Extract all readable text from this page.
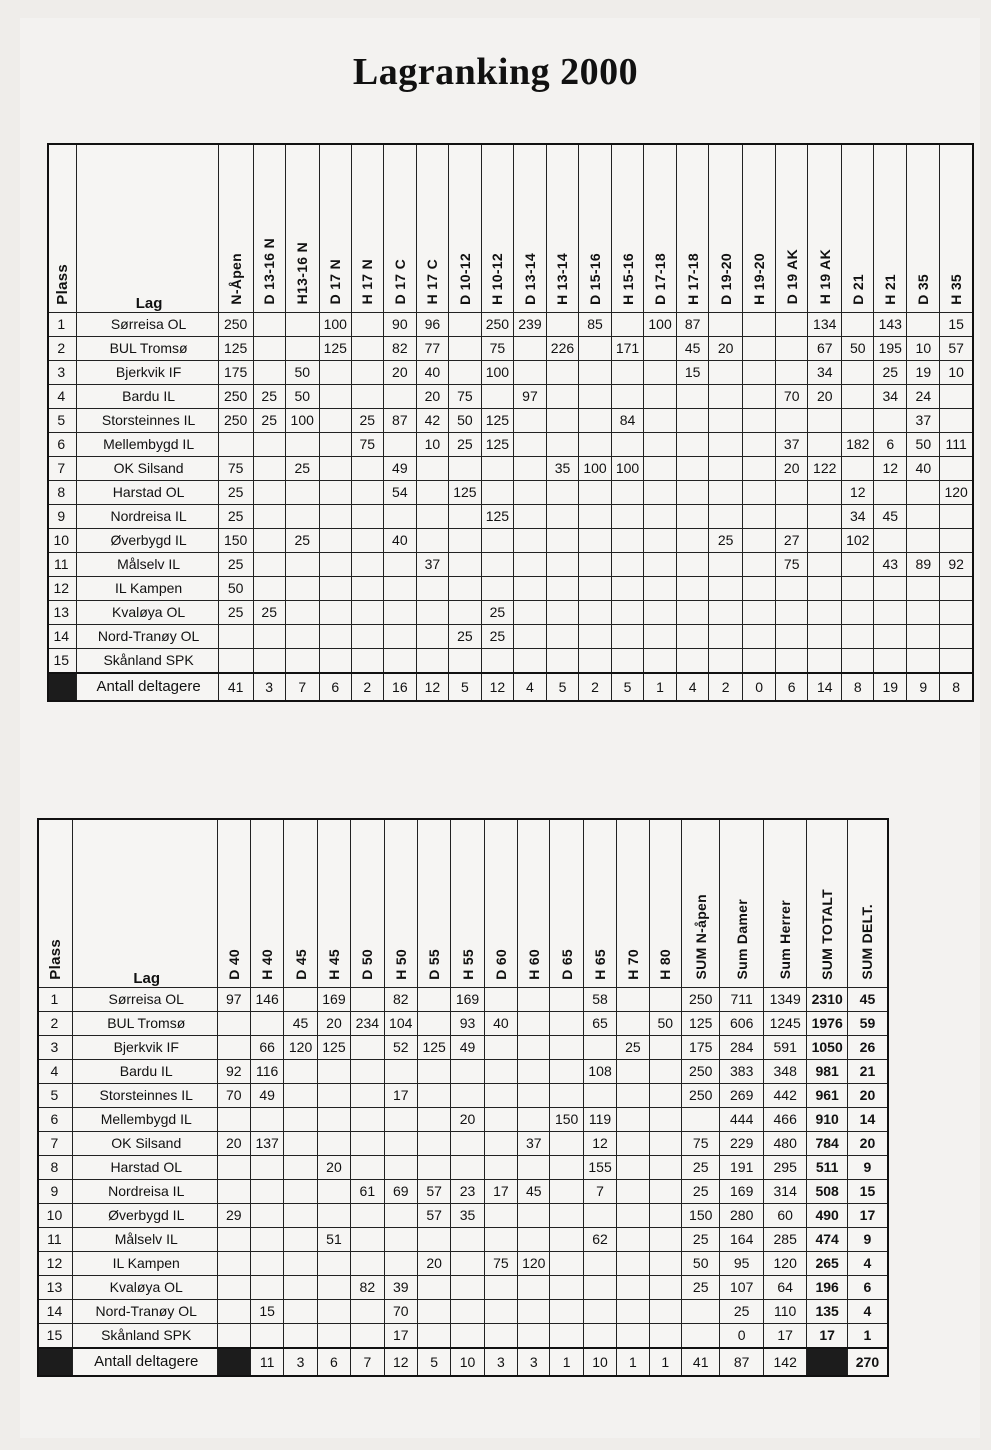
Lagranking 2000
Plass	Lag	N-Åpen	D 13-16 N	H13-16 N	D 17 N	H 17 N	D 17 C	H 17 C	D 10-12	H 10-12	D 13-14	H 13-14	D 15-16	H 15-16	D 17-18	H 17-18	D 19-20	H 19-20	D 19 AK	H 19 AK	D 21	H 21	D 35	H 35
1	Sørreisa OL	250			100		90	96		250	239		85		100	87				134		143		15
2	BUL Tromsø	125			125		82	77		75		226		171		45	20			67	50	195	10	57
3	Bjerkvik IF	175		50			20	40		100						15				34		25	19	10
4	Bardu IL	250	25	50				20	75		97								70	20		34	24	
5	Storsteinnes IL	250	25	100		25	87	42	50	125				84									37	
6	Mellembygd IL					75		10	25	125									37		182	6	50	111
7	OK Silsand	75		25			49					35	100	100					20	122		12	40	
8	Harstad OL	25					54		125												12			120
9	Nordreisa IL	25								125											34	45		
10	Øverbygd IL	150		25			40										25		27		102			
11	Målselv IL	25						37											75			43	89	92
12	IL Kampen	50																						
13	Kvaløya OL	25	25							25														
14	Nord-Tranøy OL								25	25														
15	Skånland SPK																							
	Antall deltagere	41	3	7	6	2	16	12	5	12	4	5	2	5	1	4	2	0	6	14	8	19	9	8
Plass	Lag	D 40	H 40	D 45	H 45	D 50	H 50	D 55	H 55	D 60	H 60	D 65	H 65	H 70	H 80	SUM N-åpen	Sum Damer	Sum Herrer	SUM TOTALT	SUM DELT.
1	Sørreisa OL	97	146		169		82		169				58			250	711	1349	2310	45
2	BUL Tromsø			45	20	234	104		93	40			65		50	125	606	1245	1976	59
3	Bjerkvik IF		66	120	125		52	125	49					25		175	284	591	1050	26
4	Bardu IL	92	116										108			250	383	348	981	21
5	Storsteinnes IL	70	49				17									250	269	442	961	20
6	Mellembygd IL								20			150	119				444	466	910	14
7	OK Silsand	20	137								37		12			75	229	480	784	20
8	Harstad OL				20								155			25	191	295	511	9
9	Nordreisa IL					61	69	57	23	17	45		7			25	169	314	508	15
10	Øverbygd IL	29						57	35							150	280	60	490	17
11	Målselv IL				51								62			25	164	285	474	9
12	IL Kampen							20		75	120					50	95	120	265	4
13	Kvaløya OL					82	39									25	107	64	196	6
14	Nord-Tranøy OL		15				70										25	110	135	4
15	Skånland SPK						17										0	17	17	1
	Antall deltagere		11	3	6	7	12	5	10	3	3	1	10	1	1	41	87	142		270
